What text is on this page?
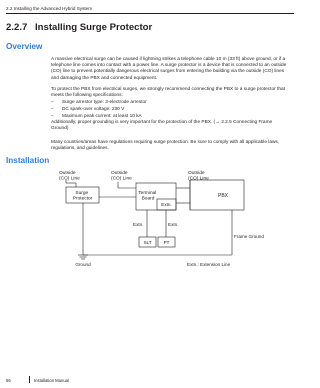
2.2 Installing the Advanced Hybrid System
2.2.7 Installing Surge Protector
Overview
A massive electrical surge can be caused if lightning strikes a telephone cable 10 m (33 ft) above ground, or if a telephone line comes into contact with a power line. A surge protector is a device that is connected to an outside (CO) line to prevent potentially dangerous electrical surges from entering the building via the outside (CO) lines and damaging the PBX and connected equipment.
To protect the PBX from electrical surges, we strongly recommend connecting the PBX to a surge protector that meets the following specifications:
– Surge arrestor type: 3-electrode arrestor
– DC spark-over voltage: 230 V
– Maximum peak current: at least 10 kA
Additionally, proper grounding is very important for the protection of the PBX. (→ 2.2.5 Connecting Frame Ground)
Many countries/areas have regulations requiring surge protection. Be sure to comply with all applicable laws, regulations, and guidelines.
Installation
Outside (CO) Line
Outside (CO) Line
Outside (CO) Line
Surge Protector
Terminal Board
Extn.
PBX
Extn.	Extn.
SLT	PT
Frame Ground
Ground	Extn.: Extension Line
56	Installation Manual
